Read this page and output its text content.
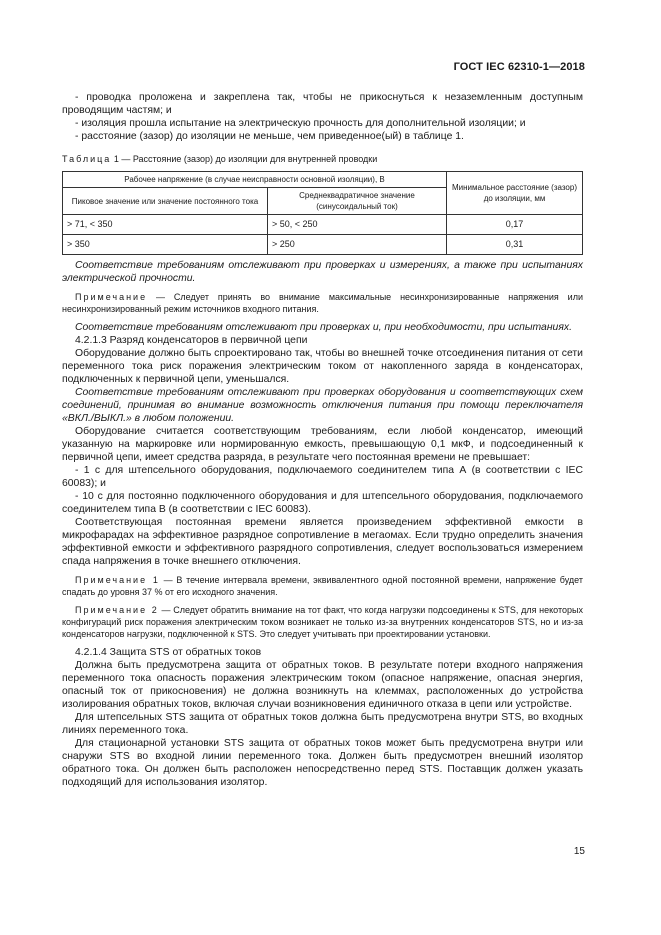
ГОСТ IEC 62310-1—2018

- проводка проложена и закреплена так, чтобы не прикоснуться к незаземленным доступным проводящим частям; и

- изоляция прошла испытание на электрическую прочность для дополнительной изоляции; и

- расстояние (зазор) до изоляции не меньше, чем приведенное(ый) в таблице 1.

Таблица 1 — Расстояние (зазор) до изоляции для внутренней проводки
Рабочее напряжение (в случае неисправности основной изоляции), В		Минимальное расстояние (зазор) до изоляции, мм
Пиковое значение или значение постоянного тока	Среднеквадратичное значение (синусоидальный ток)	
> 71, < 350	> 50, < 250	0,17
> 350	> 250	0,31

Соответствие требованиям отслеживают при проверках и измерениях, а также при испытаниях электрической прочности.

Примечание — Следует принять во внимание максимальные несинхронизированные напряжения или несинхронизированный режим источников входного питания.

Соответствие требованиям отслеживают при проверках и, при необходимости, при испытаниях.

4.2.1.3 Разряд конденсаторов в первичной цепи

Оборудование должно быть спроектировано так, чтобы во внешней точке отсоединения питания от сети переменного тока риск поражения электрическим током от накопленного заряда в конденсаторах, подключенных к первичной цепи, уменьшался.

Соответствие требованиям отслеживают при проверках оборудования и соответствующих схем соединений, принимая во внимание возможность отключения питания при помощи переключателя «ВКЛ./ВЫКЛ.» в любом положении.

Оборудование считается соответствующим требованиям, если любой конденсатор, имеющий указанную на маркировке или нормированную емкость, превышающую 0,1 мкФ, и подсоединенный к первичной цепи, имеет средства разряда, в результате чего постоянная времени не превышает:

- 1 с для штепсельного оборудования, подключаемого соединителем типа А (в соответствии с IEC 60083); и

- 10 с для постоянно подключенного оборудования и для штепсельного оборудования, подключаемого соединителем типа В (в соответствии с IEC 60083).

Соответствующая постоянная времени является произведением эффективной емкости в микрофарадах на эффективное разрядное сопротивление в мегаомах. Если трудно определить значения эффективной емкости и эффективного разрядного сопротивления, следует воспользоваться измерением спада напряжения в точке внешнего отключения.

Примечание 1 — В течение интервала времени, эквивалентного одной постоянной времени, напряжение будет спадать до уровня 37 % от его исходного значения.

Примечание 2 — Следует обратить внимание на тот факт, что когда нагрузки подсоединены к STS, для некоторых конфигураций риск поражения электрическим током возникает не только из-за внутренних конденсаторов STS, но и из-за конденсаторов нагрузки, подключенной к STS. Это следует учитывать при проектировании установки.

4.2.1.4 Защита STS от обратных токов

Должна быть предусмотрена защита от обратных токов. В результате потери входного напряжения переменного тока опасность поражения электрическим током (опасное напряжение, опасная энергия, опасный ток от прикосновения) не должна возникнуть на клеммах, расположенных до устройства изолирования обратных токов, включая случаи возникновения единичного отказа в цепи или устройстве.

Для штепсельных STS защита от обратных токов должна быть предусмотрена внутри STS, во входных линиях переменного тока.

Для стационарной установки STS защита от обратных токов может быть предусмотрена внутри или снаружи STS во входной линии переменного тока. Должен быть предусмотрен внешний изолятор обратного тока. Он должен быть расположен непосредственно перед STS. Поставщик должен указать подходящий для использования изолятор.

15
